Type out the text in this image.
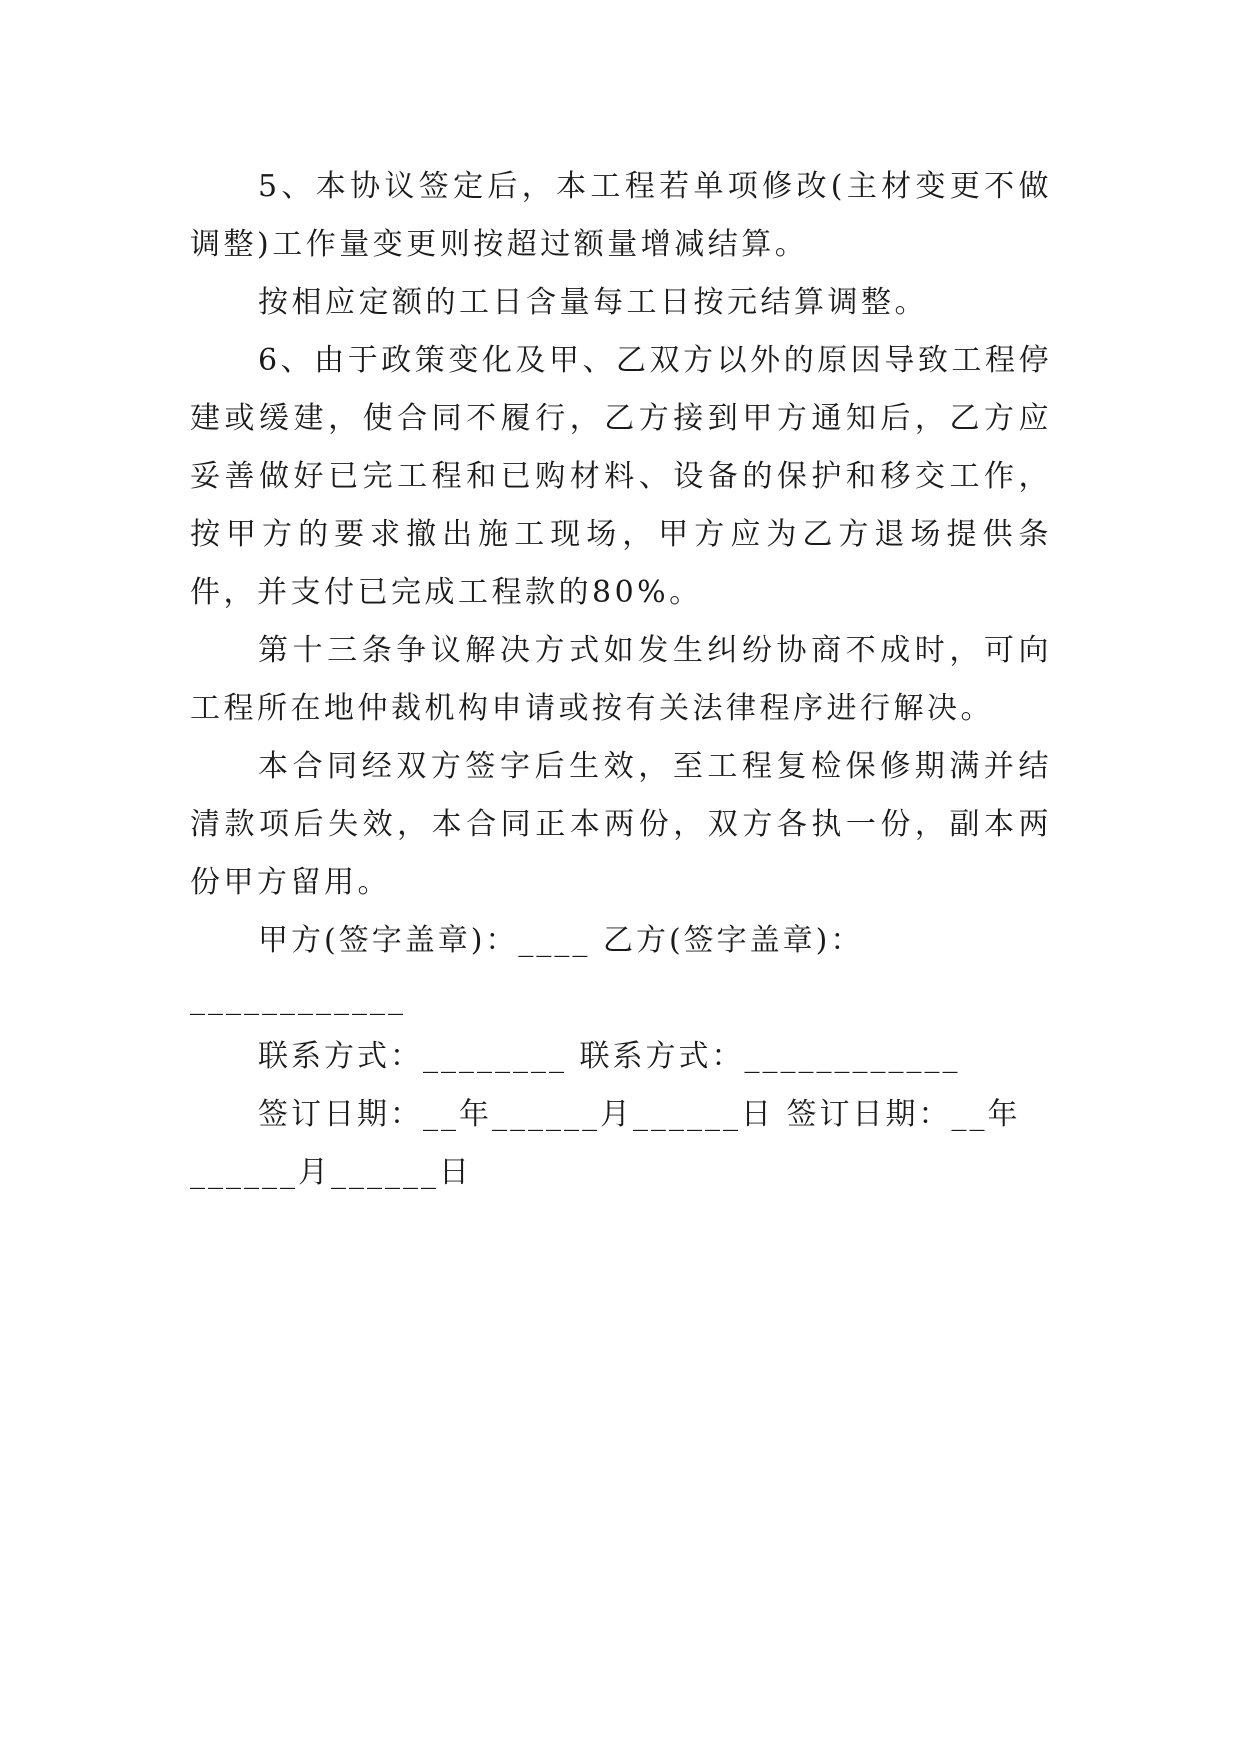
5、本协议签定后，本工程若单项修改(主材变更不做调整)工作量变更则按超过额量增减结算。

按相应定额的工日含量每工日按元结算调整。

6、由于政策变化及甲、乙双方以外的原因导致工程停建或缓建，使合同不履行，乙方接到甲方通知后，乙方应妥善做好已完工程和已购材料、设备的保护和移交工作，按甲方的要求撤出施工现场，甲方应为乙方退场提供条件，并支付已完成工程款的80%。

第十三条争议解决方式如发生纠纷协商不成时，可向工程所在地仲裁机构申请或按有关法律程序进行解决。

本合同经双方签字后生效，至工程复检保修期满并结清款项后失效，本合同正本两份，双方各执一份，副本两份甲方留用。

甲方(签字盖章)：____ 乙方(签字盖章)：____________

联系方式：________ 联系方式：____________

签订日期：__年______月______日 签订日期：__年______月______日
